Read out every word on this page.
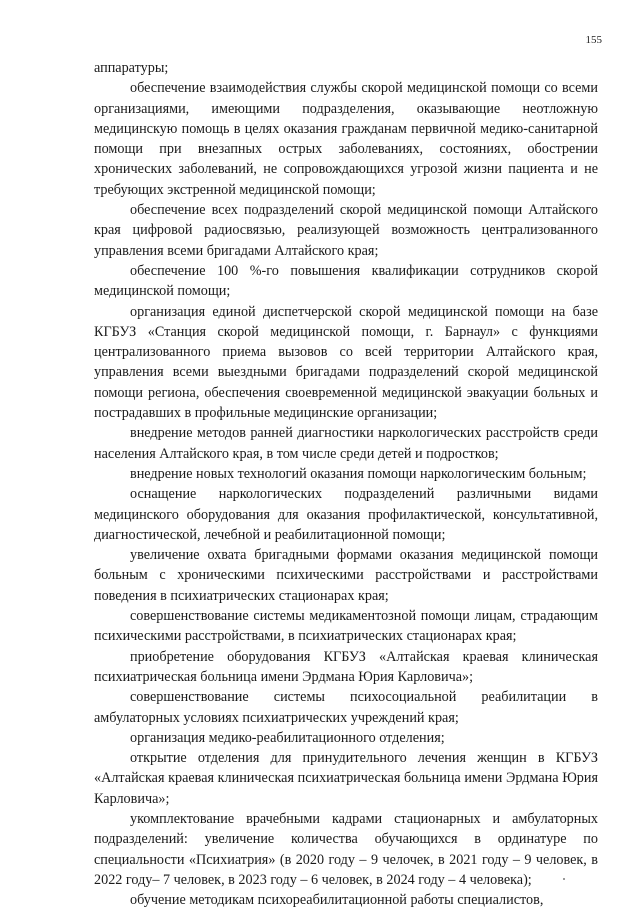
155

аппаратуры;

обеспечение взаимодействия службы скорой медицинской помощи со всеми организациями, имеющими подразделения, оказывающие неотложную медицинскую помощь в целях оказания гражданам первичной медико-санитарной помощи при внезапных острых заболеваниях, состояниях, обострении хронических заболеваний, не сопровождающихся угрозой жизни пациента и не требующих экстренной медицинской помощи;

обеспечение всех подразделений скорой медицинской помощи Алтайского края цифровой радиосвязью, реализующей возможность централизованного управления всеми бригадами Алтайского края;

обеспечение 100 %-го повышения квалификации сотрудников скорой медицинской помощи;

организация единой диспетчерской скорой медицинской помощи на базе КГБУЗ «Станция скорой медицинской помощи, г. Барнаул» с функциями централизованного приема вызовов со всей территории Алтайского края, управления всеми выездными бригадами подразделений скорой медицинской помощи региона, обеспечения своевременной медицинской эвакуации больных и пострадавших в профильные медицинские организации;

внедрение методов ранней диагностики наркологических расстройств среди населения Алтайского края, в том числе среди детей и подростков;

внедрение новых технологий оказания помощи наркологическим больным;

оснащение наркологических подразделений различными видами медицинского оборудования для оказания профилактической, консультативной, диагностической, лечебной и реабилитационной помощи;

увеличение охвата бригадными формами оказания медицинской помощи больным с хроническими психическими расстройствами и расстройствами поведения в психиатрических стационарах края;

совершенствование системы медикаментозной помощи лицам, страдающим психическими расстройствами, в психиатрических стационарах края;

приобретение оборудования КГБУЗ «Алтайская краевая клиническая психиатрическая больница имени Эрдмана Юрия Карловича»;

совершенствование системы психосоциальной реабилитации в амбулаторных условиях психиатрических учреждений края;

организация медико-реабилитационного отделения;

открытие отделения для принудительного лечения женщин в КГБУЗ «Алтайская краевая клиническая психиатрическая больница имени Эрдмана Юрия Карловича»;

укомплектование врачебными кадрами стационарных и амбулаторных подразделений: увеличение количества обучающихся в ординатуре по специальности «Психиатрия» (в 2020 году – 9 челочек, в 2021 году – 9 человек, в 2022 году– 7 человек, в 2023 году – 6 человек, в 2024 году – 4 человека);

обучение методикам психореабилитационной работы специалистов,
